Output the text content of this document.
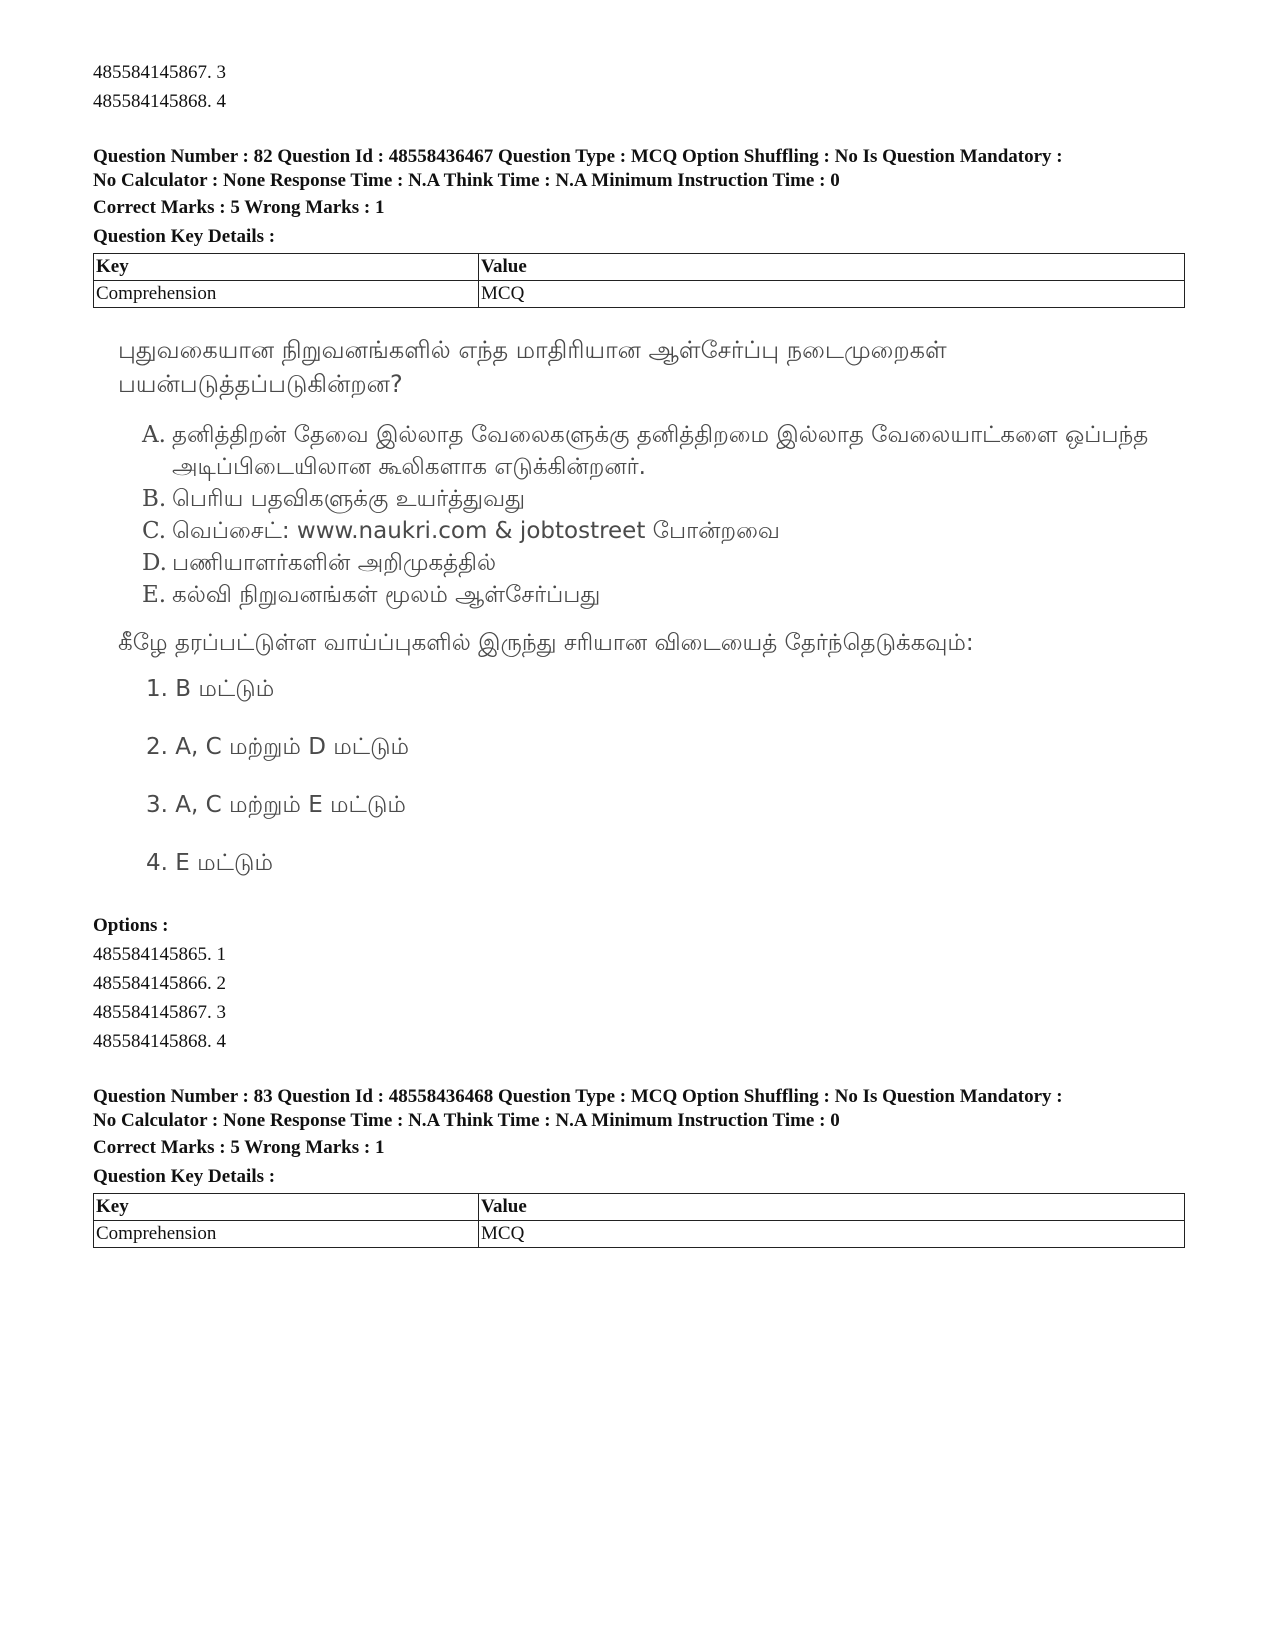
485584145867. 3
485584145868. 4
Question Number : 82 Question Id : 48558436467 Question Type : MCQ Option Shuffling : No Is Question Mandatory :
No Calculator : None Response Time : N.A Think Time : N.A Minimum Instruction Time : 0
Correct Marks : 5 Wrong Marks : 1
Question Key Details :
Key	Value
Comprehension	MCQ
புதுவகையான நிறுவனங்களில் எந்த மாதிரியான ஆள்சேர்ப்பு நடைமுறைகள் பயன்படுத்தப்படுகின்றன?
A. தனித்திறன் தேவை இல்லாத வேலைகளுக்கு தனித்திறமை இல்லாத வேலையாட்களை ஒப்பந்த அடிப்பிடையிலான கூலிகளாக எடுக்கின்றனர்.
B. பெரிய பதவிகளுக்கு உயர்த்துவது
C. வெப்சைட்: www.naukri.com & jobtostreet போன்றவை
D. பணியாளர்களின் அறிமுகத்தில்
E. கல்வி நிறுவனங்கள் மூலம் ஆள்சேர்ப்பது
கீழே தரப்பட்டுள்ள வாய்ப்புகளில் இருந்து சரியான விடையைத் தேர்ந்தெடுக்கவும்:
1. B மட்டும்
2. A, C மற்றும் D மட்டும்
3. A, C மற்றும் E மட்டும்
4. E மட்டும்
Options :
485584145865. 1
485584145866. 2
485584145867. 3
485584145868. 4
Question Number : 83 Question Id : 48558436468 Question Type : MCQ Option Shuffling : No Is Question Mandatory :
No Calculator : None Response Time : N.A Think Time : N.A Minimum Instruction Time : 0
Correct Marks : 5 Wrong Marks : 1
Question Key Details :
Key	Value
Comprehension	MCQ
